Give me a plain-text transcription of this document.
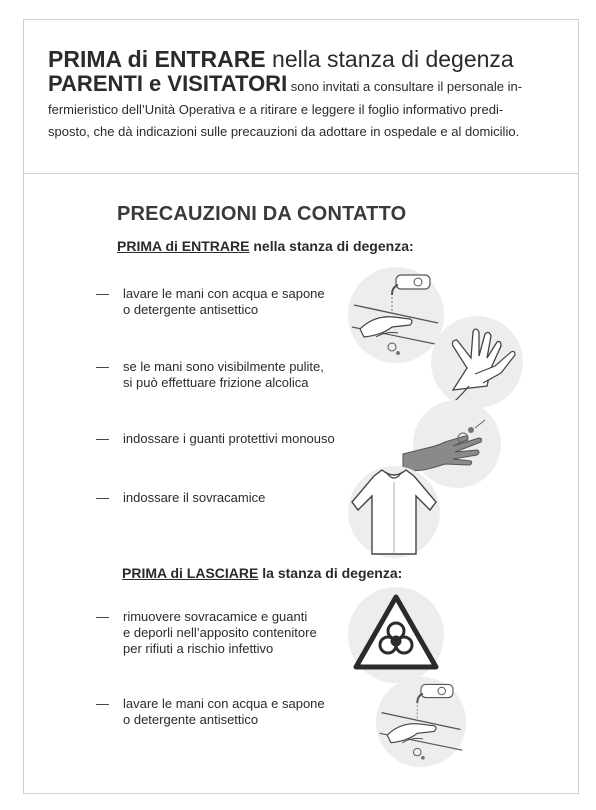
PRIMA di ENTRARE nella stanza di degenza
PARENTI e VISITATORI sono invitati a consultare il personale in-

fermieristico dell’Unità Operativa e a ritirare e leggere il foglio informativo predi-

sposto, che dà indicazioni sulle precauzioni da adottare in ospedale e al domicilio.

PRECAUZIONI DA CONTATTO
PRIMA di ENTRARE nella stanza di degenza:
— lavare le mani con acqua e sapone
o detergente antisettico
— se le mani sono visibilmente pulite,
si può effettuare frizione alcolica
— indossare i guanti protettivi monouso
— indossare il sovracamice
PRIMA di LASCIARE la stanza di degenza:
— rimuovere sovracamice e guanti
e deporli nell’apposito contenitore
per rifiuti a rischio infettivo
— lavare le mani con acqua e sapone
o detergente antisettico
